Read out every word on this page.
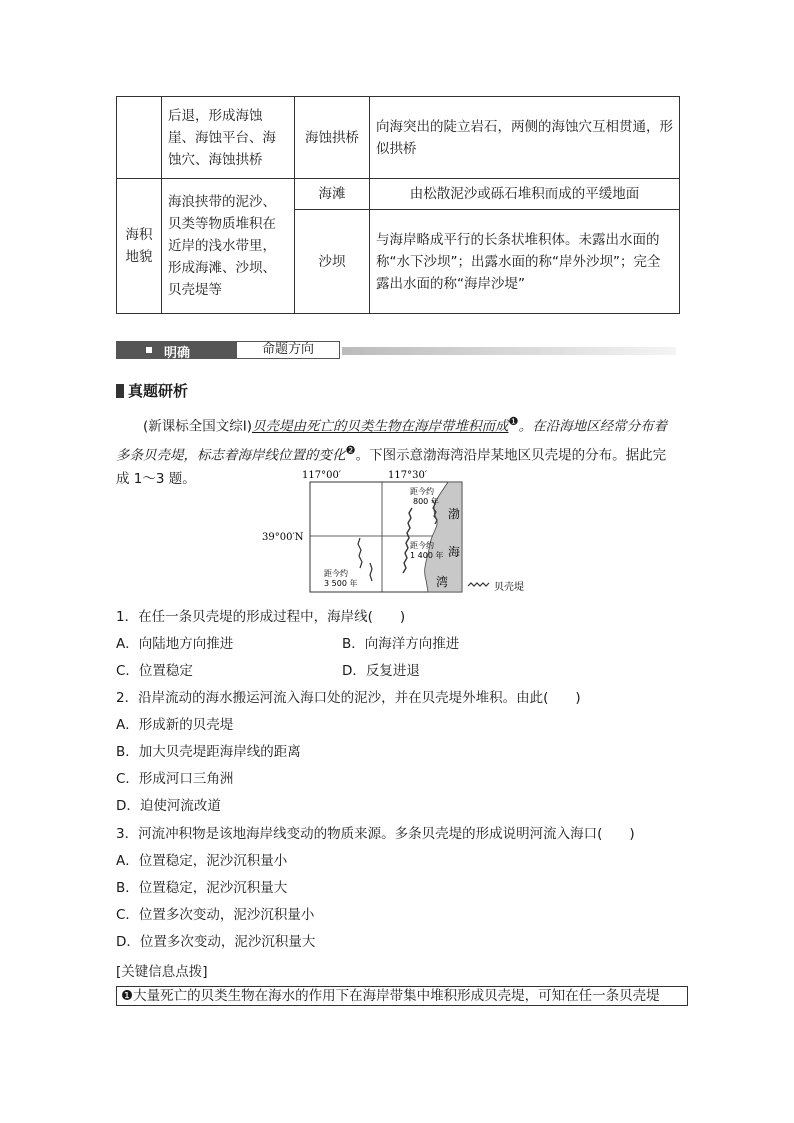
	后退，形成海蚀崖、海蚀平台、海蚀穴、海蚀拱桥	海蚀拱桥	向海突出的陡立岩石，两侧的海蚀穴互相贯通，形似拱桥
海积地貌	海浪挟带的泥沙、贝类等物质堆积在近岸的浅水带里，形成海滩、沙坝、贝壳堤等	海滩	由松散泥沙或砾石堆积而成的平缓地面
		沙坝	与海岸略成平行的长条状堆积体。未露出水面的称“水下沙坝”；出露水面的称“岸外沙坝”；完全露出水面的称“海岸沙堤”
明确	命题方向
真题研析
(新课标全国文综Ⅰ)贝壳堤由死亡的贝类生物在海岸带堆积而成$^❶$。在沿海地区经常分布着多条贝壳堤，标志着海岸线位置的变化$^❷$。下图示意渤海湾沿岸某地区贝壳堤的分布。据此完成 1～3 题。	117°00′	117°30′
39°00′N
距今约
800 年
距今约
1 400 年
距今约
3 500 年
渤
海
湾	贝壳堤
1．在任一条贝壳堤的形成过程中，海岸线(　　)
A．向陆地方向推进	B．向海洋方向推进
C．位置稳定	D．反复进退
2．沿岸流动的海水搬运河流入海口处的泥沙，并在贝壳堤外堆积。由此(　　)
A．形成新的贝壳堤
B．加大贝壳堤距海岸线的距离
C．形成河口三角洲
D．迫使河流改道
3．河流冲积物是该地海岸线变动的物质来源。多条贝壳堤的形成说明河流入海口(　　)
A．位置稳定，泥沙沉积量小
B．位置稳定，泥沙沉积量大
C．位置多次变动，泥沙沉积量小
D．位置多次变动，泥沙沉积量大
[关键信息点拨]
❶大量死亡的贝类生物在海水的作用下在海岸带集中堆积形成贝壳堤，可知在任一条贝壳堤
